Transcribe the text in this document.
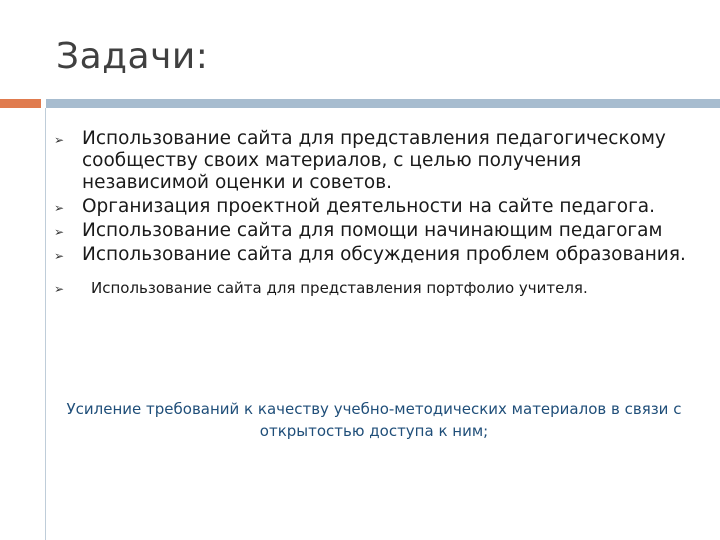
Задачи:
➢ Использование сайта для представления педагогическому сообществу своих материалов, с целью получения независимой оценки и советов.
➢ Организация проектной деятельности на сайте педагога.
➢ Использование сайта для помощи начинающим педагогам
➢ Использование сайта для обсуждения проблем образования.
➢ Использование сайта для представления портфолио учителя.
Усиление требований к качеству учебно-методических материалов в связи с открытостью доступа к ним;
